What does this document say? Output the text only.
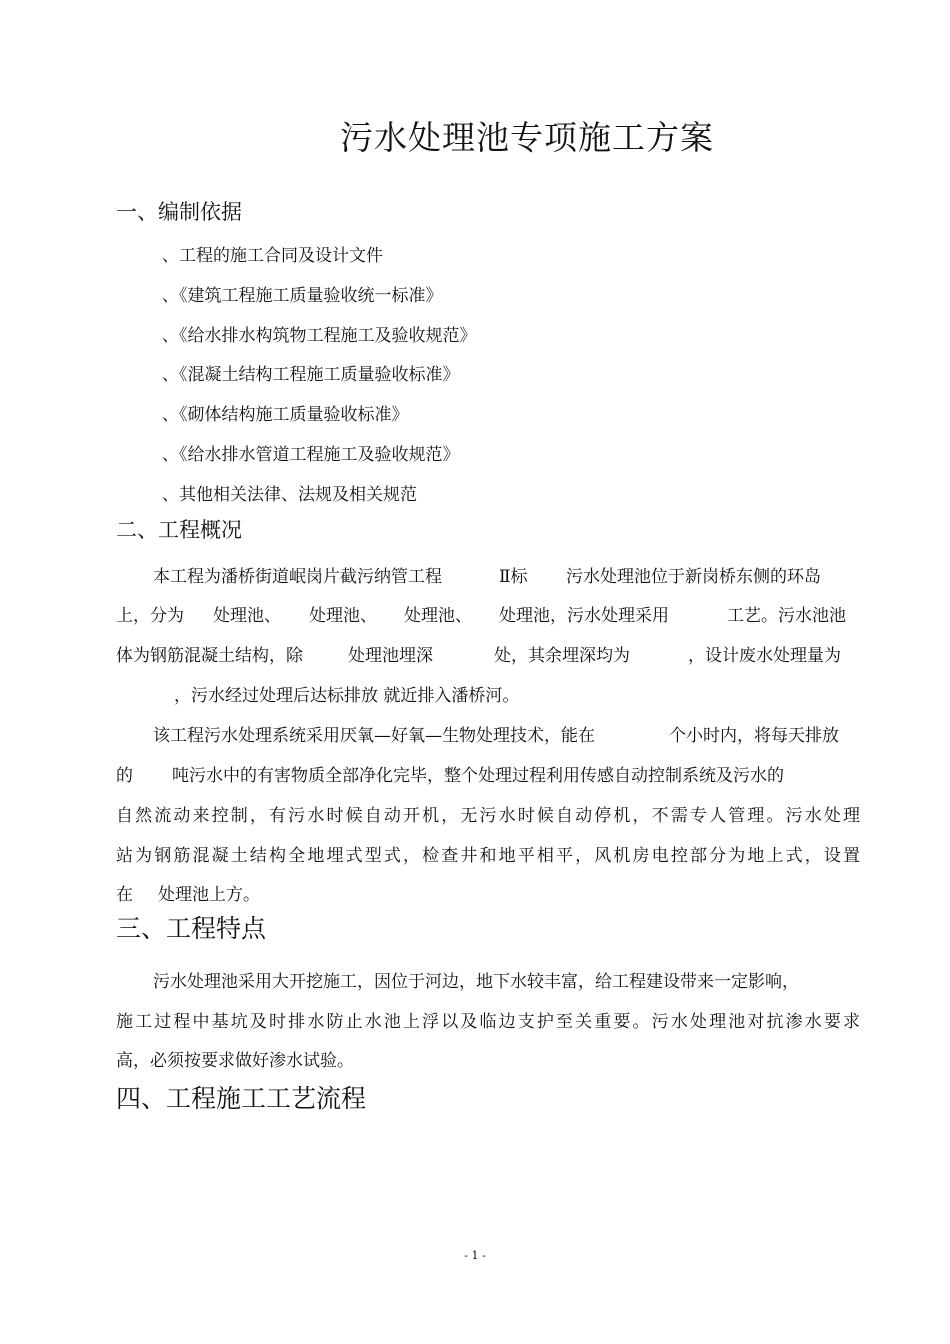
污水处理池专项施工方案
一、编制依据
、工程的施工合同及设计文件
、《建筑工程施工质量验收统一标准》
、《给水排水构筑物工程施工及验收规范》
、《混凝土结构工程施工质量验收标准》
、《砌体结构施工质量验收标准》
、《给水排水管道工程施工及验收规范》
、其他相关法律、法规及相关规范
二、工程概况
本工程为潘桥街道岷岗片截污纳管工程	Ⅱ标 污水处理池位于新岗桥东侧的环岛
上，分为 处理池、 处理池、 处理池、 处理池，污水处理采用	工艺。污水池池
体为钢筋混凝土结构，除	处理池埋深	处，其余埋深均为	，设计废水处理量为
，污水经过处理后达标排放 就近排入潘桥河。
该工程污水处理系统采用厌氧—好氧—生物处理技术，能在	个小时内，将每天排放
的 吨污水中的有害物质全部净化完毕，整个处理过程利用传感自动控制系统及污水的
自然流动来控制，有污水时候自动开机，无污水时候自动停机，不需专人管理。污水处理
站为钢筋混凝土结构全地埋式型式，检查井和地平相平，风机房电控部分为地上式，设置
在 处理池上方。
三、工程特点
污水处理池采用大开挖施工，因位于河边，地下水较丰富，给工程建设带来一定影响，
施工过程中基坑及时排水防止水池上浮以及临边支护至关重要。污水处理池对抗渗水要求
高，必须按要求做好渗水试验。
四、工程施工工艺流程
- 1 -
